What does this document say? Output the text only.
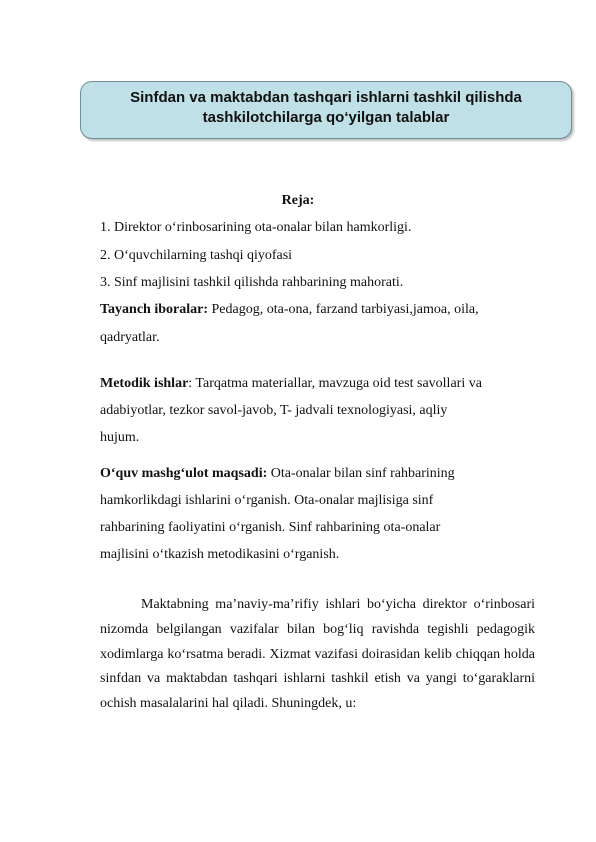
Sinfdan va maktabdan tashqari ishlarni tashkil qilishda
tashkilotchilarga qo‘yilgan talablar
Reja:
1. Direktor o‘rinbosarining ota-onalar bilan hamkorligi.
2. O‘quvchilarning tashqi qiyofasi
3. Sinf majlisini tashkil qilishda rahbarining mahorati.
Tayanch iboralar: Pedagog, ota-ona, farzand tarbiyasi,jamoa, oila,
qadryatlar.
Metodik ishlar: Tarqatma materiallar, mavzuga oid test savollari va
adabiyotlar, tezkor savol-javob, T- jadvali texnologiyasi, aqliy
hujum.
O‘quv mashg‘ulot maqsadi: Ota-onalar bilan sinf rahbarining
hamkorlikdagi ishlarini o‘rganish. Ota-onalar majlisiga sinf
rahbarining faoliyatini o‘rganish. Sinf rahbarining ota-onalar
majlisini o‘tkazish metodikasini o‘rganish.
Maktabning ma’naviy-ma’rifiy ishlari bo‘yicha direktor o‘rinbosari nizomda belgilangan vazifalar bilan bog‘liq ravishda tegishli pedagogik xodimlarga ko‘rsatma beradi. Xizmat vazifasi doirasidan kelib chiqqan holda sinfdan va maktabdan tashqari ishlarni tashkil etish va yangi to‘garaklarni ochish masalalarini hal qiladi. Shuningdek, u:
